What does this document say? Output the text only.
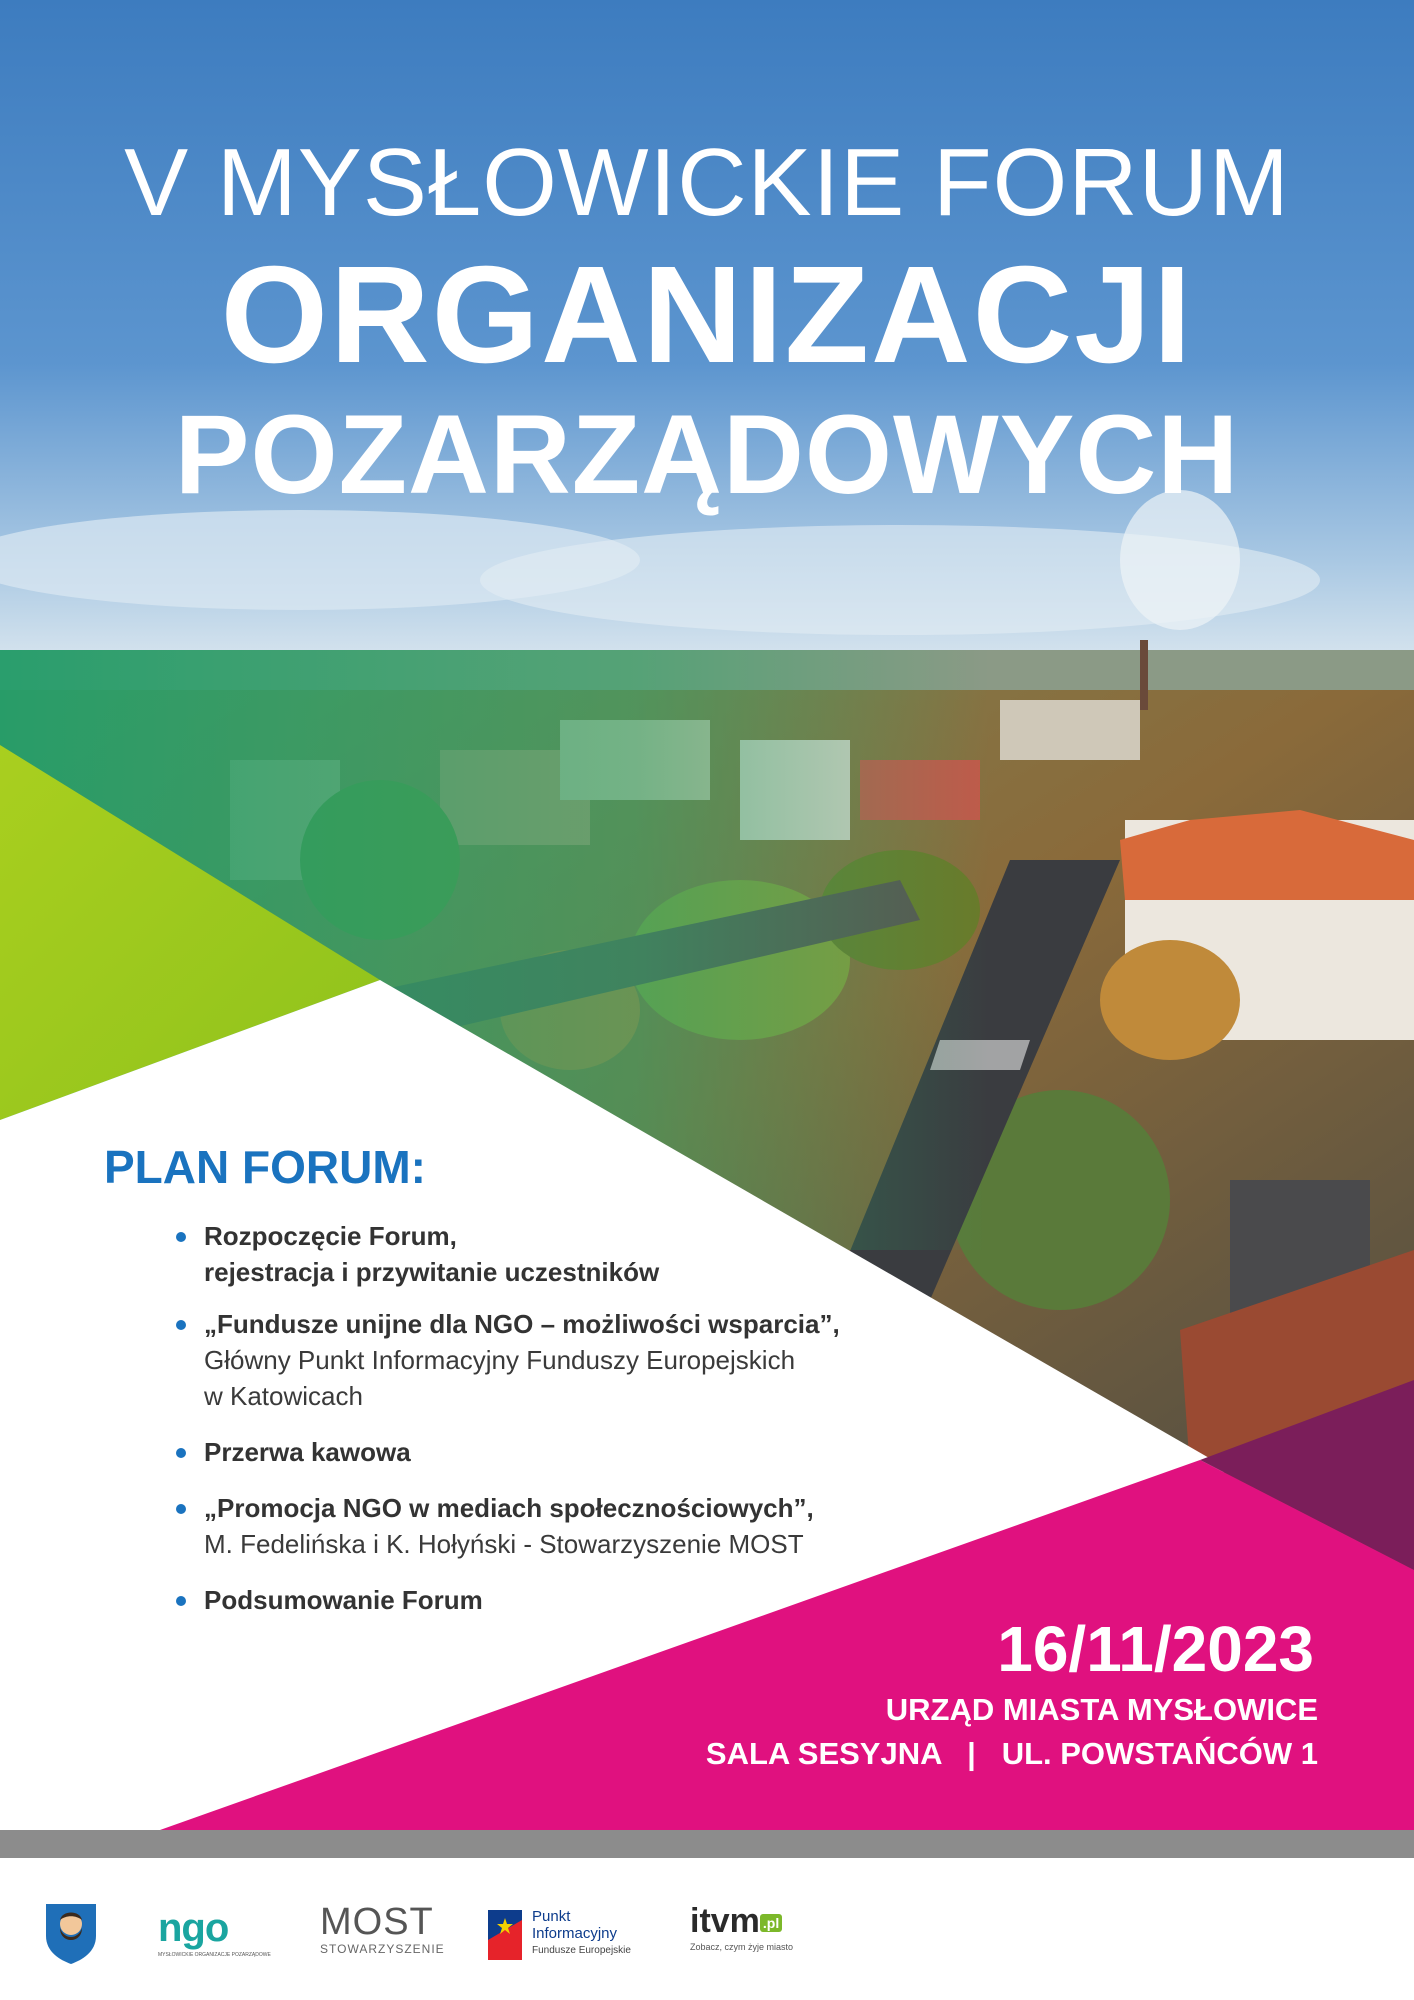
V MYSŁOWICKIE FORUM
ORGANIZACJI
POZARZĄDOWYCH
PLAN FORUM:
Rozpoczęcie Forum,
rejestracja i przywitanie uczestników
„Fundusze unijne dla NGO – możliwości wsparcia”,
Główny Punkt Informacyjny Funduszy Europejskich
w Katowicach
Przerwa kawowa
„Promocja NGO w mediach społecznościowych”,
M. Fedelińska i K. Hołyński - Stowarzyszenie MOST
Podsumowanie Forum
16/11/2023
URZĄD MIASTA MYSŁOWICE
SALA SESYJNA   |   UL. POWSTAŃCÓW 1
ngo
MYSŁOWICKIE ORGANIZACJE POZARZĄDOWE
MOST
STOWARZYSZENIE
Punkt
Informacyjny
Fundusze Europejskie
itvm .pl
Zobacz, czym żyje miasto
